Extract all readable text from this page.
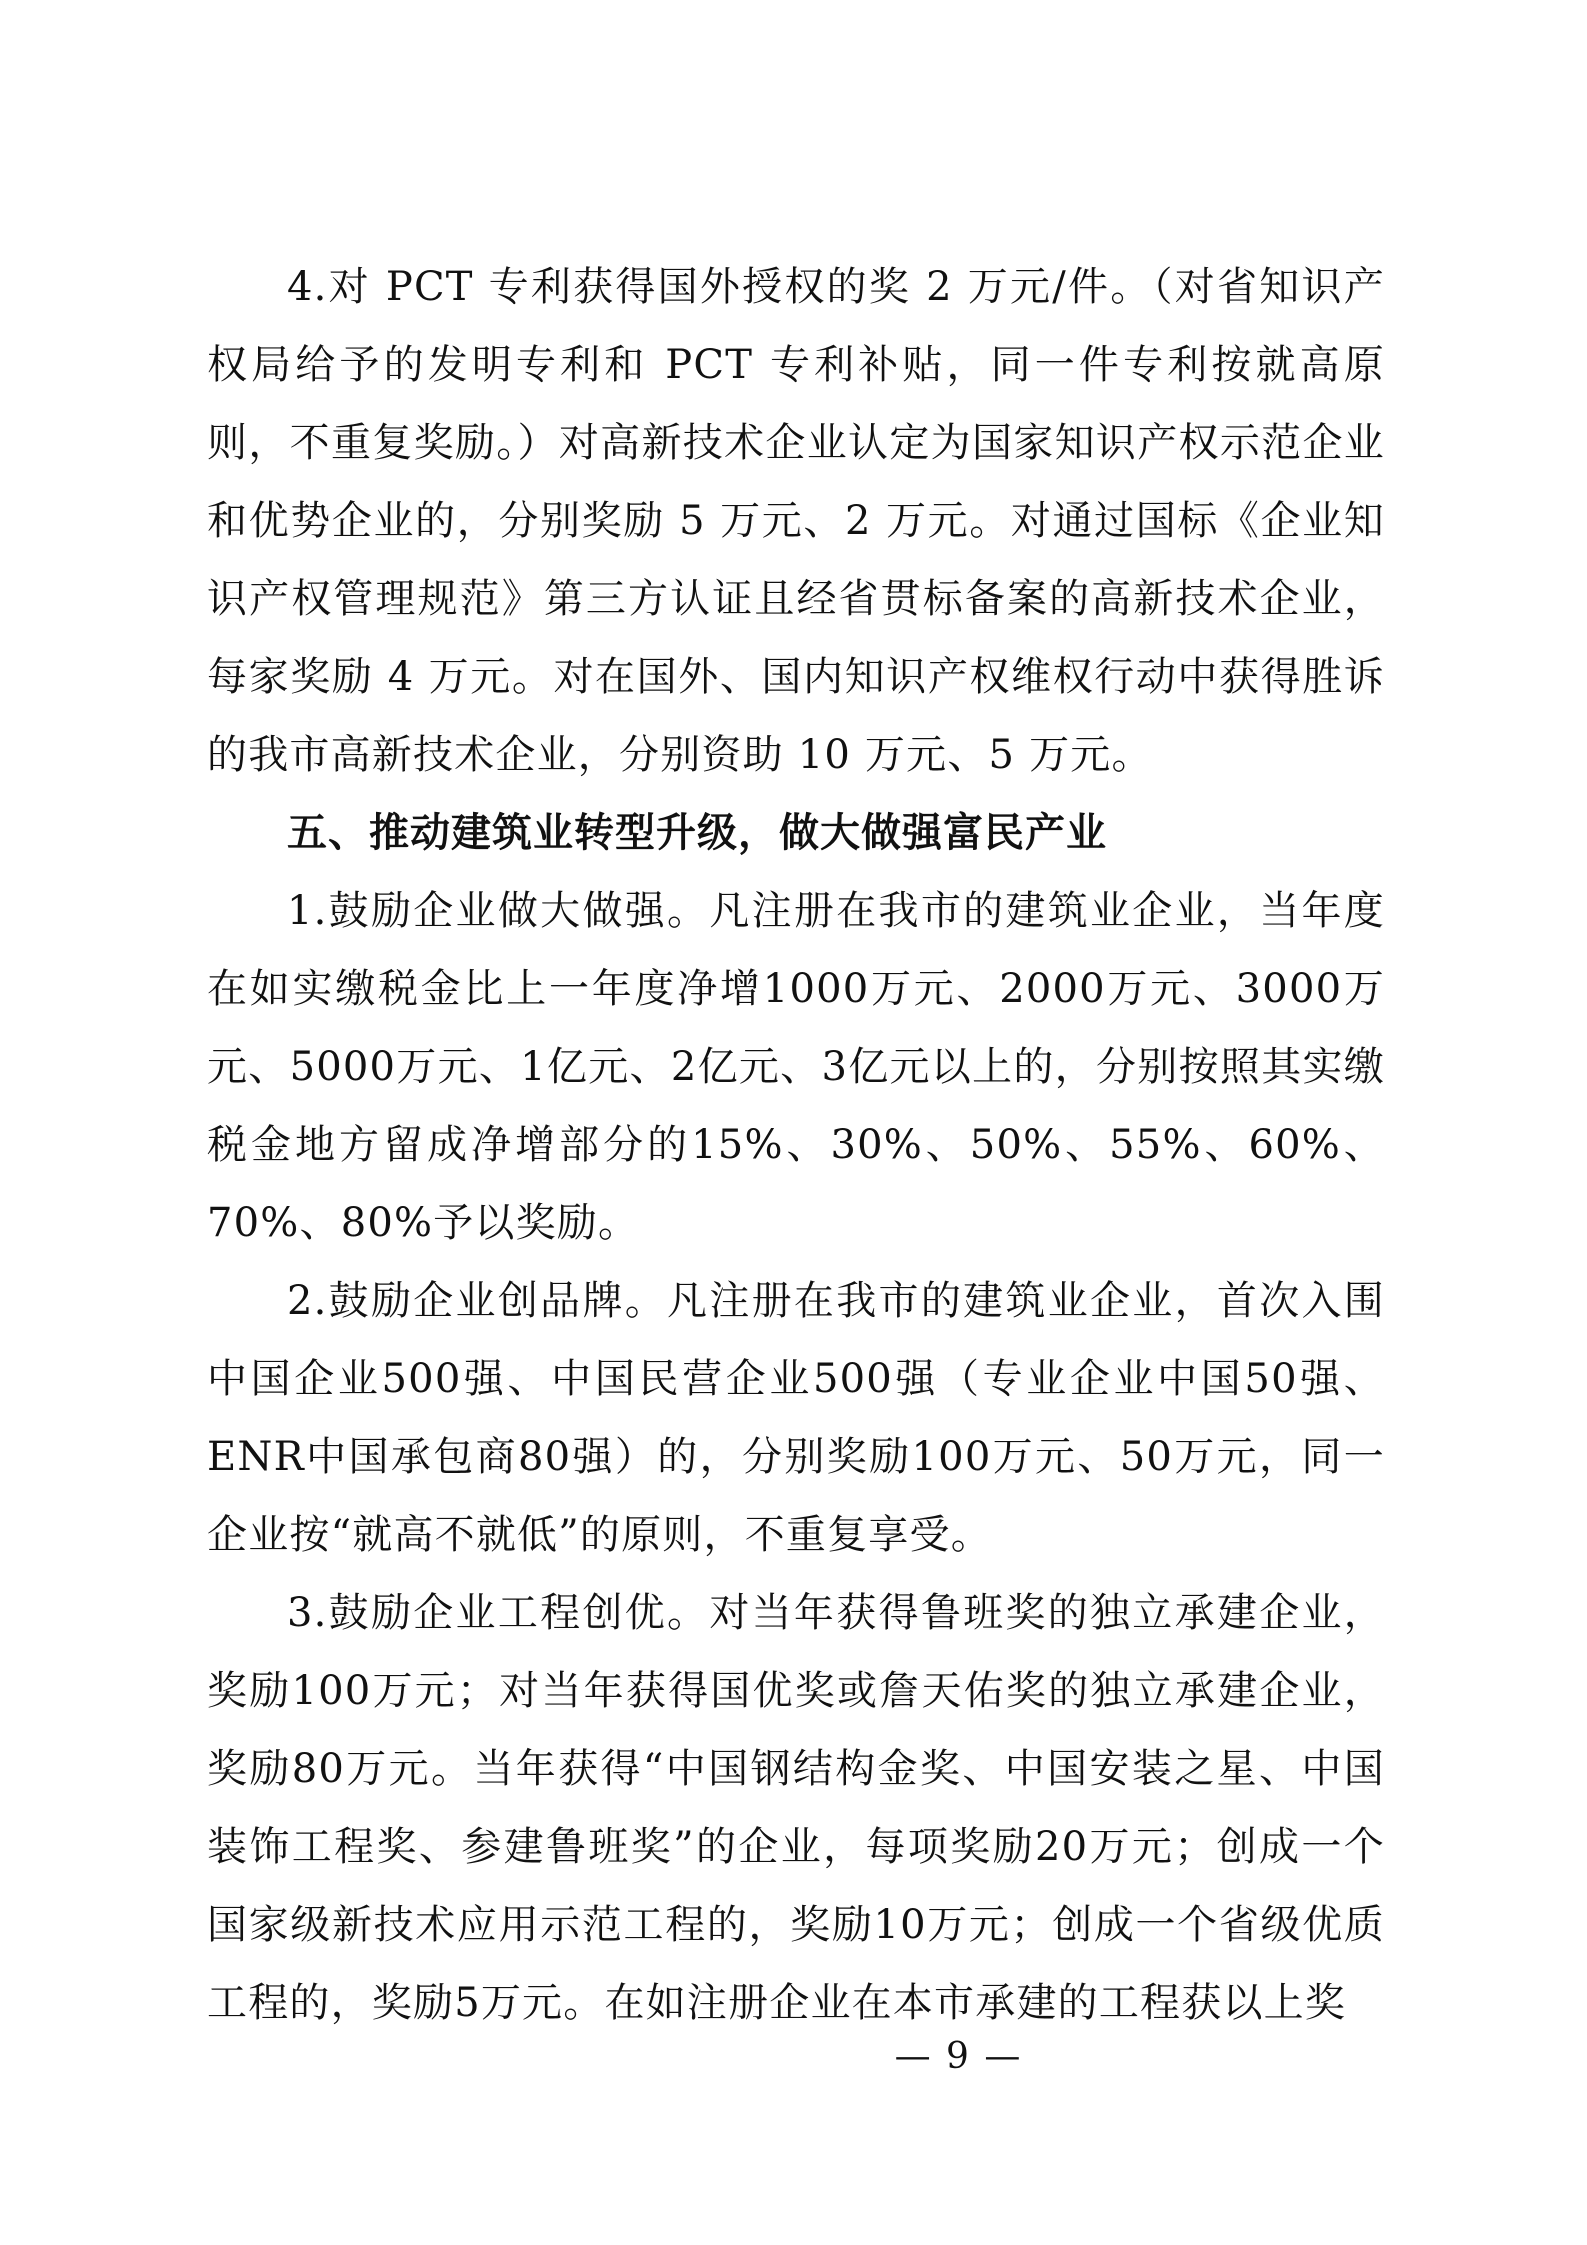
4.对 PCT 专利获得国外授权的奖 2 万元/件。（对省知识产权局给予的发明专利和 PCT 专利补贴，同一件专利按就高原则，不重复奖励。）对高新技术企业认定为国家知识产权示范企业和优势企业的，分别奖励 5 万元、2 万元。对通过国标《企业知识产权管理规范》第三方认证且经省贯标备案的高新技术企业，每家奖励 4 万元。对在国外、国内知识产权维权行动中获得胜诉的我市高新技术企业，分别资助 10 万元、5 万元。

五、推动建筑业转型升级，做大做强富民产业

1.鼓励企业做大做强。凡注册在我市的建筑业企业，当年度在如实缴税金比上一年度净增1000万元、2000万元、3000万元、5000万元、1亿元、2亿元、3亿元以上的，分别按照其实缴税金地方留成净增部分的15%、30%、50%、55%、60%、70%、80%予以奖励。

2.鼓励企业创品牌。凡注册在我市的建筑业企业，首次入围中国企业500强、中国民营企业500强（专业企业中国50强、ENR中国承包商80强）的，分别奖励100万元、50万元，同一企业按“就高不就低”的原则，不重复享受。

3.鼓励企业工程创优。对当年获得鲁班奖的独立承建企业，奖励100万元；对当年获得国优奖或詹天佑奖的独立承建企业，奖励80万元。当年获得“中国钢结构金奖、中国安装之星、中国装饰工程奖、参建鲁班奖”的企业，每项奖励20万元；创成一个国家级新技术应用示范工程的，奖励10万元；创成一个省级优质工程的，奖励5万元。在如注册企业在本市承建的工程获以上奖

— 9 —
